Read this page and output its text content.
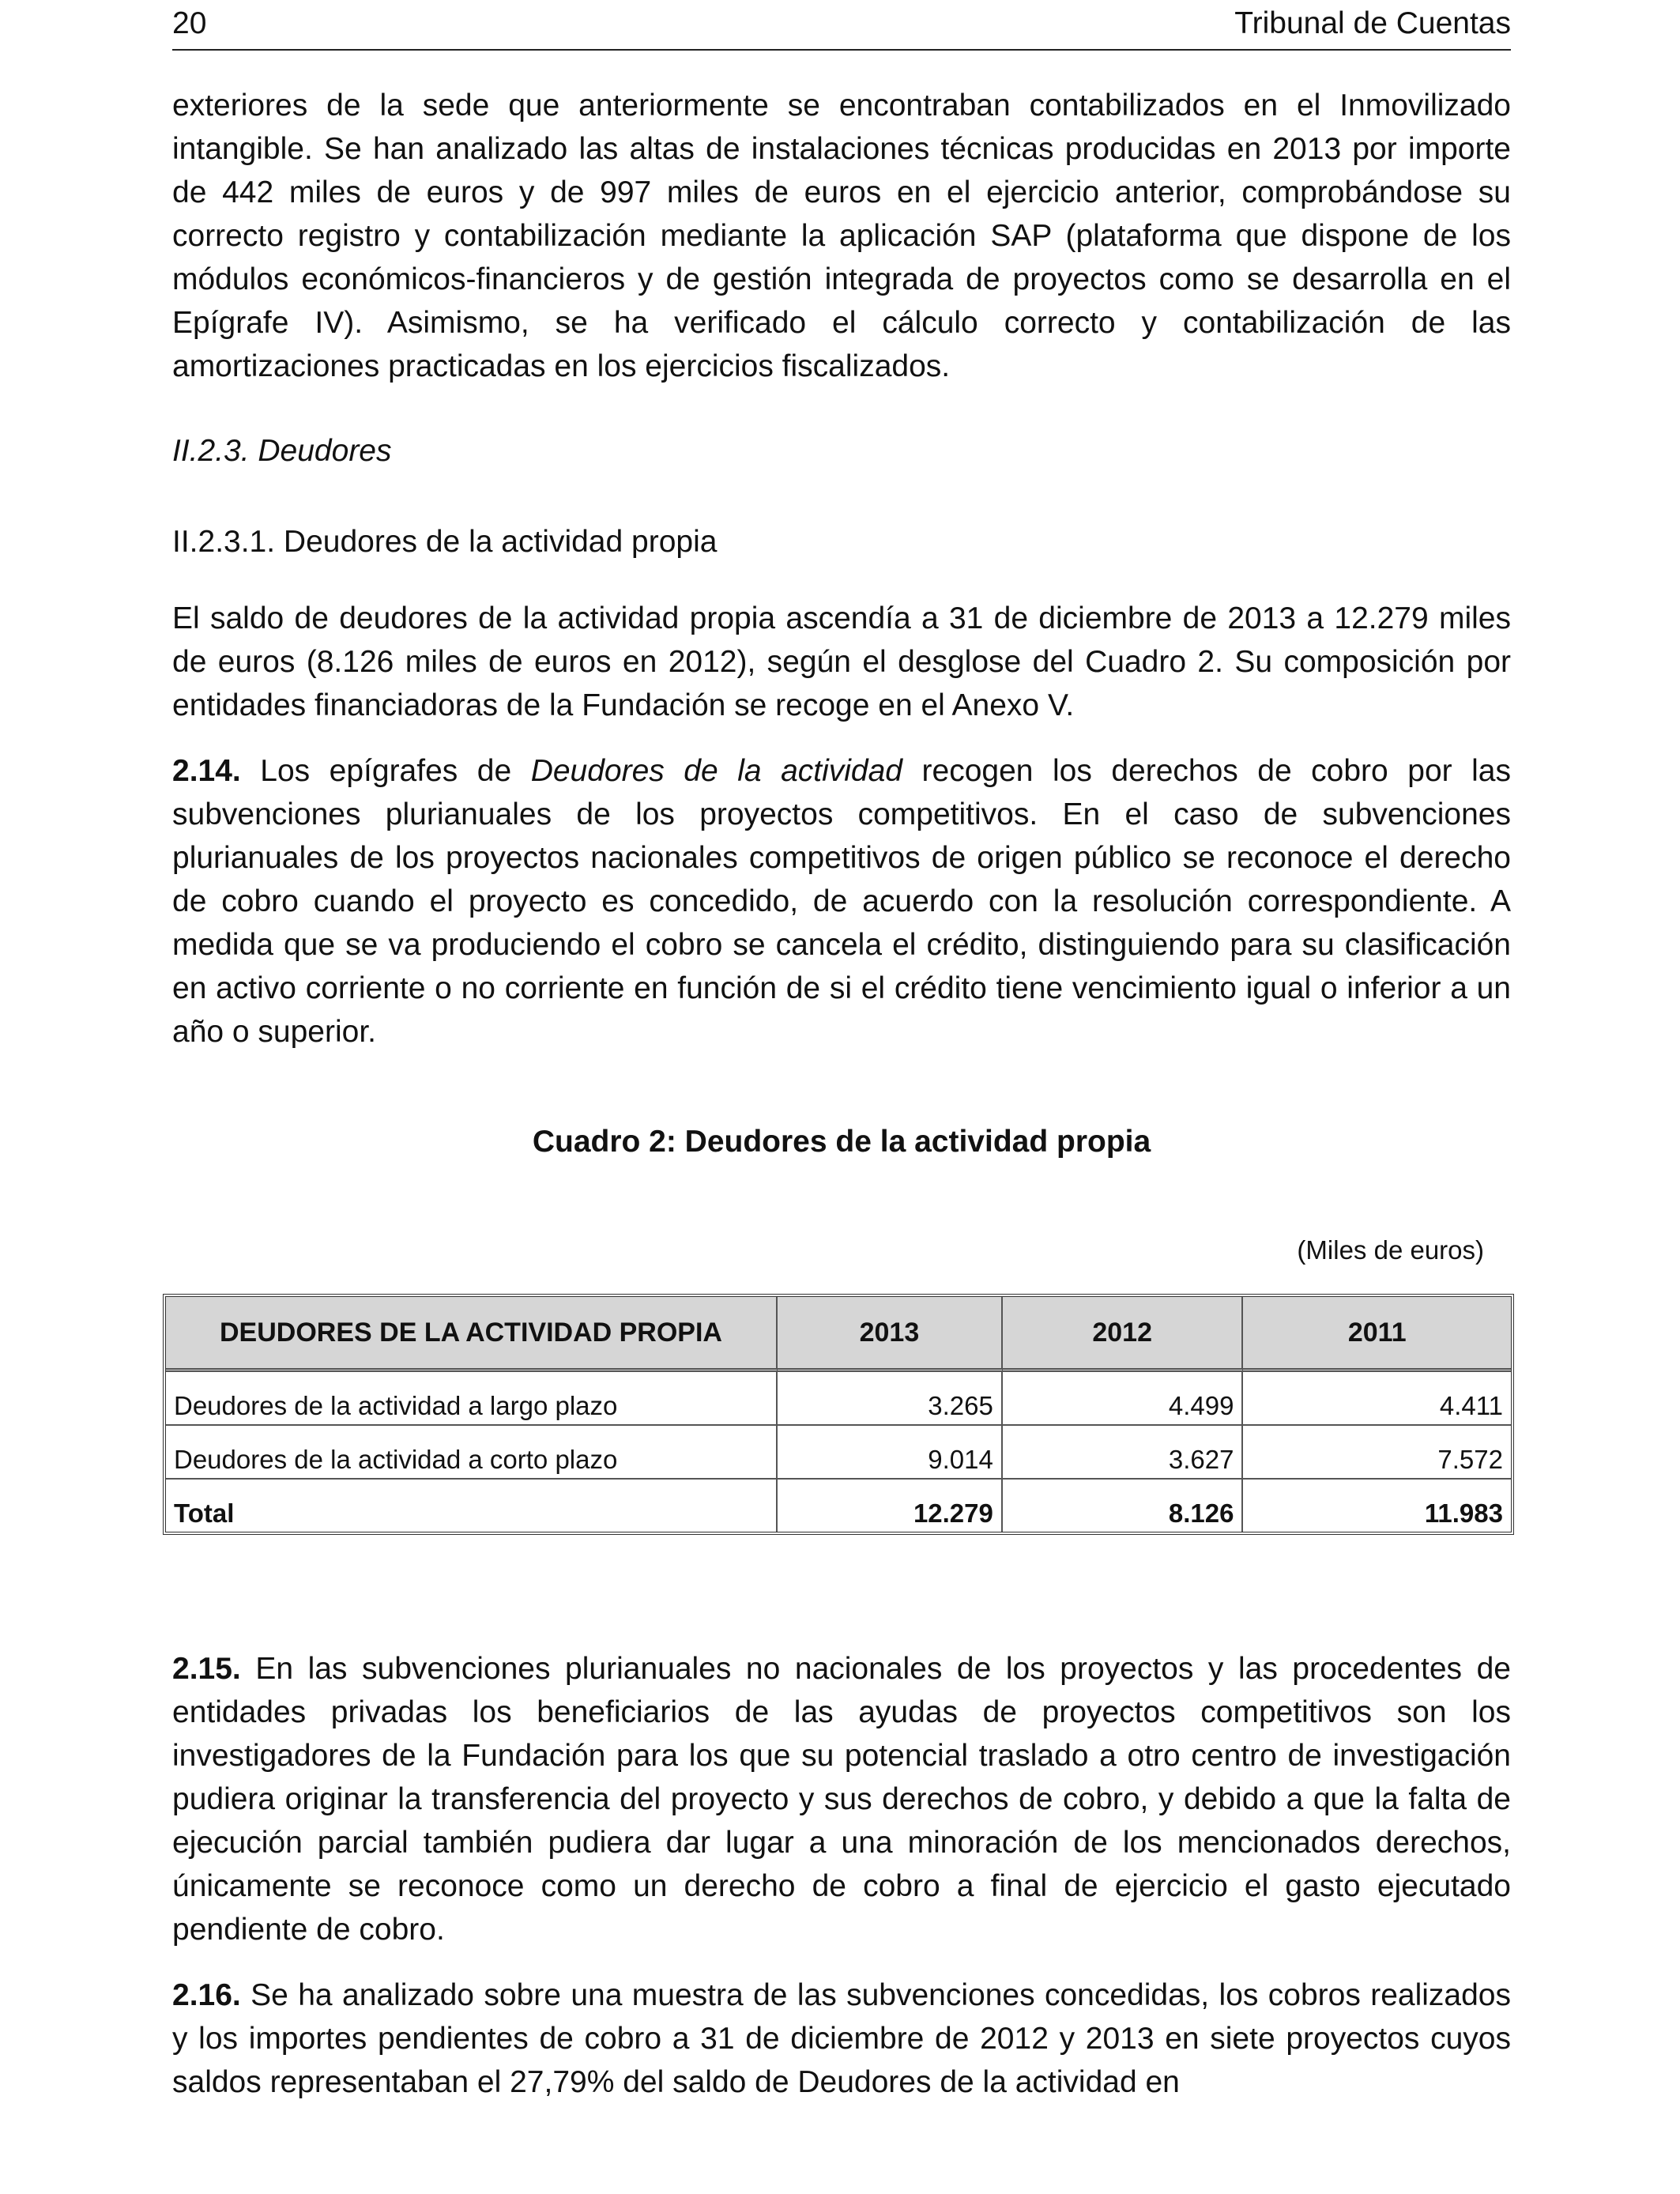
20	Tribunal de Cuentas

exteriores de la sede que anteriormente se encontraban contabilizados en el Inmovilizado intangible. Se han analizado las altas de instalaciones técnicas producidas en 2013 por importe de 442 miles de euros y de 997 miles de euros en el ejercicio anterior, comprobándose su correcto registro y contabilización mediante la aplicación SAP (plataforma que dispone de los módulos económicos-financieros y de gestión integrada de proyectos como se desarrolla en el Epígrafe IV). Asimismo, se ha verificado el cálculo correcto y contabilización de las amortizaciones practicadas en los ejercicios fiscalizados.

II.2.3. Deudores

II.2.3.1. Deudores de la actividad propia

El saldo de deudores de la actividad propia ascendía a 31 de diciembre de 2013 a 12.279 miles de euros (8.126 miles de euros en 2012), según el desglose del Cuadro 2. Su composición por entidades financiadoras de la Fundación se recoge en el Anexo V.

2.14. Los epígrafes de Deudores de la actividad recogen los derechos de cobro por las subvenciones plurianuales de los proyectos competitivos. En el caso de subvenciones plurianuales de los proyectos nacionales competitivos de origen público se reconoce el derecho de cobro cuando el proyecto es concedido, de acuerdo con la resolución correspondiente. A medida que se va produciendo el cobro se cancela el crédito, distinguiendo para su clasificación en activo corriente o no corriente en función de si el crédito tiene vencimiento igual o inferior a un año o superior.

Cuadro 2: Deudores de la actividad propia

(Miles de euros)

DEUDORES DE LA ACTIVIDAD PROPIA	2013	2012	2011
Deudores de la actividad a largo plazo	3.265	4.499	4.411
Deudores de la actividad a corto plazo	9.014	3.627	7.572
Total	12.279	8.126	11.983

2.15. En las subvenciones plurianuales no nacionales de los proyectos y las procedentes de entidades privadas los beneficiarios de las ayudas de proyectos competitivos son los investigadores de la Fundación para los que su potencial traslado a otro centro de investigación pudiera originar la transferencia del proyecto y sus derechos de cobro, y debido a que la falta de ejecución parcial también pudiera dar lugar a una minoración de los mencionados derechos, únicamente se reconoce como un derecho de cobro a final de ejercicio el gasto ejecutado pendiente de cobro.

2.16. Se ha analizado sobre una muestra de las subvenciones concedidas, los cobros realizados y los importes pendientes de cobro a 31 de diciembre de 2012 y 2013 en siete proyectos cuyos saldos representaban el 27,79% del saldo de Deudores de la actividad en
